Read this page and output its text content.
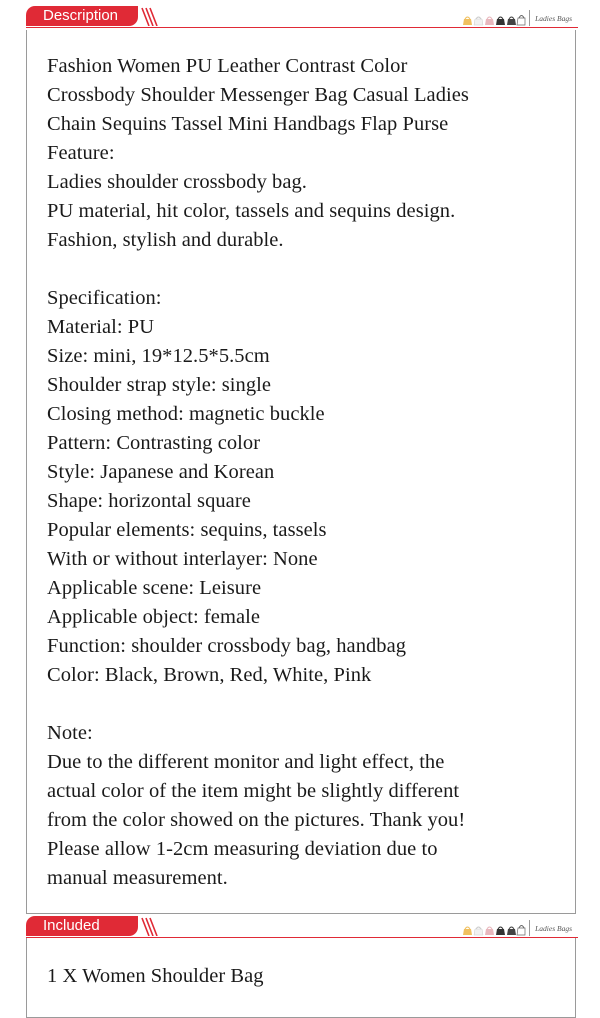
Description	Ladies Bags
Fashion Women PU Leather Contrast Color
Crossbody Shoulder Messenger Bag Casual Ladies
Chain Sequins Tassel Mini Handbags Flap Purse
Feature:
Ladies shoulder crossbody bag.
PU material, hit color, tassels and sequins design.
Fashion, stylish and durable.
Specification:
Material: PU
Size: mini, 19*12.5*5.5cm
Shoulder strap style: single
Closing method: magnetic buckle
Pattern: Contrasting color
Style: Japanese and Korean
Shape: horizontal square
Popular elements: sequins, tassels
With or without interlayer: None
Applicable scene: Leisure
Applicable object: female
Function: shoulder crossbody bag, handbag
Color: Black, Brown, Red, White, Pink
Note:
Due to the different monitor and light effect, the
actual color of the item might be slightly different
from the color showed on the pictures. Thank you!
Please allow 1-2cm measuring deviation due to
manual measurement.
Included	Ladies Bags
1 X Women Shoulder Bag
